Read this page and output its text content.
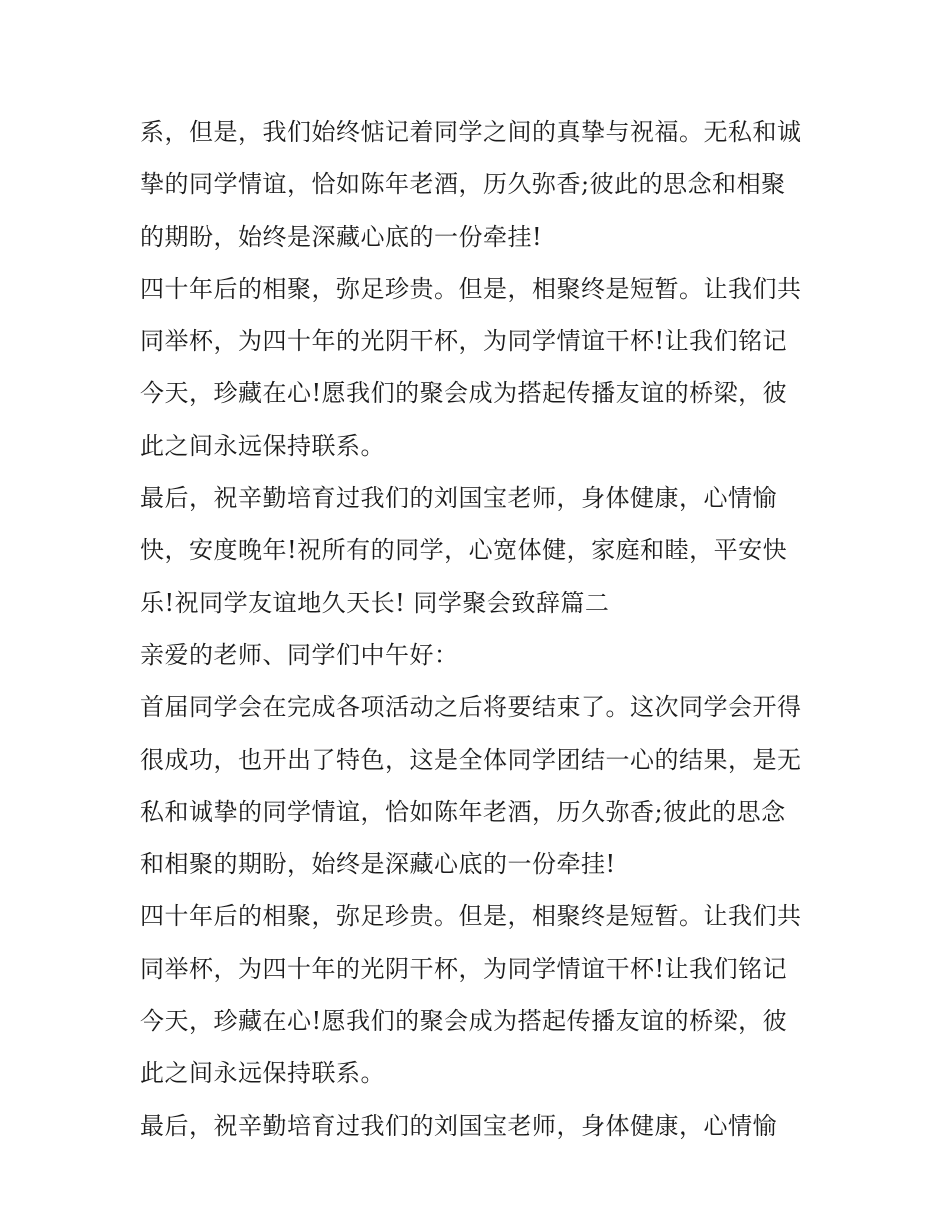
系，但是，我们始终惦记着同学之间的真挚与祝福。无私和诚
挚的同学情谊，恰如陈年老酒，历久弥香;彼此的思念和相聚
的期盼，始终是深藏心底的一份牵挂!
四十年后的相聚，弥足珍贵。但是，相聚终是短暂。让我们共
同举杯，为四十年的光阴干杯，为同学情谊干杯!让我们铭记
今天，珍藏在心!愿我们的聚会成为搭起传播友谊的桥梁，彼
此之间永远保持联系。
最后，祝辛勤培育过我们的刘国宝老师，身体健康，心情愉
快，安度晚年!祝所有的同学，心宽体健，家庭和睦，平安快
乐!祝同学友谊地久天长! 同学聚会致辞篇二
亲爱的老师、同学们中午好：
首届同学会在完成各项活动之后将要结束了。这次同学会开得
很成功，也开出了特色，这是全体同学团结一心的结果，是无
私和诚挚的同学情谊，恰如陈年老酒，历久弥香;彼此的思念
和相聚的期盼，始终是深藏心底的一份牵挂!
四十年后的相聚，弥足珍贵。但是，相聚终是短暂。让我们共
同举杯，为四十年的光阴干杯，为同学情谊干杯!让我们铭记
今天，珍藏在心!愿我们的聚会成为搭起传播友谊的桥梁，彼
此之间永远保持联系。
最后，祝辛勤培育过我们的刘国宝老师，身体健康，心情愉
